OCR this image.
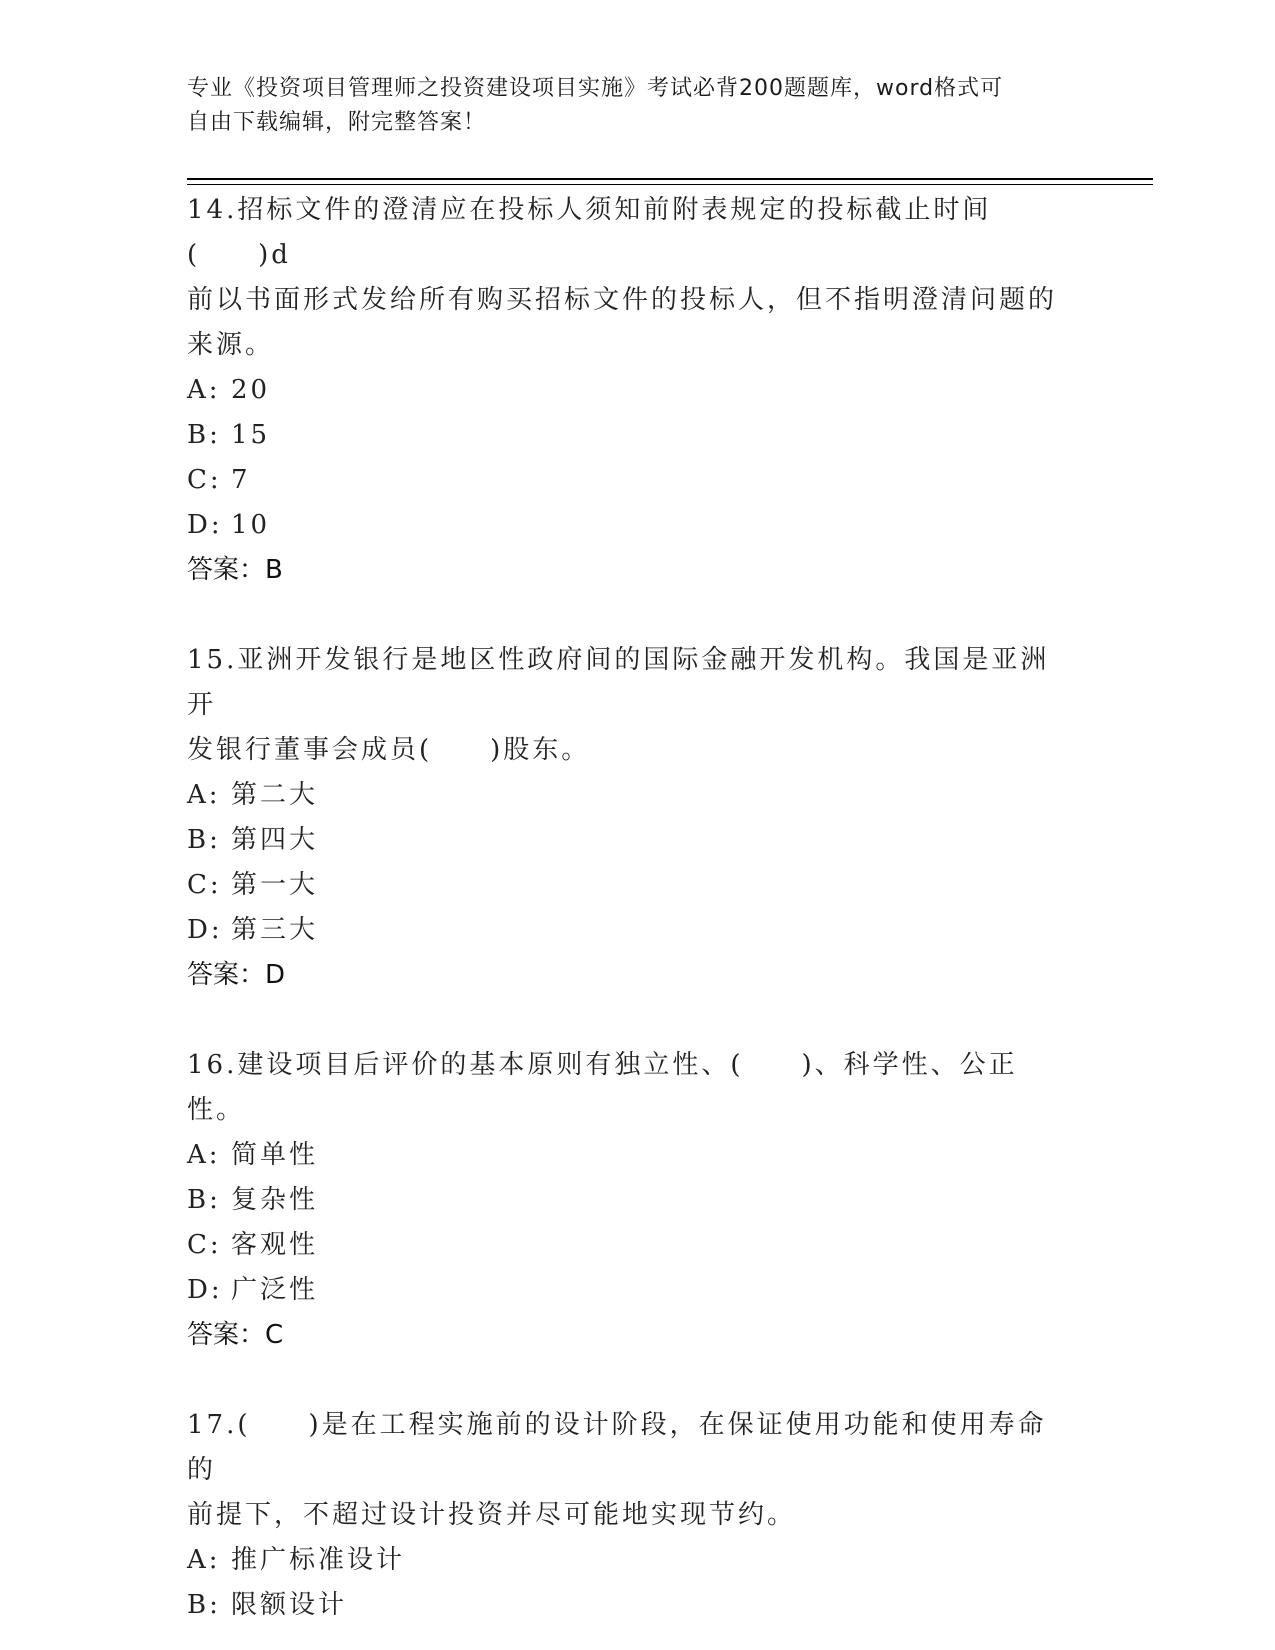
专业《投资项目管理师之投资建设项目实施》考试必背200题题库，word格式可
自由下载编辑，附完整答案！

14.招标文件的澄清应在投标人须知前附表规定的投标截止时间(　　)d

前以书面形式发给所有购买招标文件的投标人，但不指明澄清问题的

来源。

A: 20

B: 15

C: 7

D: 10

答案：B

15.亚洲开发银行是地区性政府间的国际金融开发机构。我国是亚洲开

发银行董事会成员(　　)股东。

A: 第二大

B: 第四大

C: 第一大

D: 第三大

答案：D

16.建设项目后评价的基本原则有独立性、(　　)、科学性、公正性。

A: 简单性

B: 复杂性

C: 客观性

D: 广泛性

答案：C

17.(　　)是在工程实施前的设计阶段，在保证使用功能和使用寿命的

前提下，不超过设计投资并尽可能地实现节约。

A: 推广标准设计

B: 限额设计
